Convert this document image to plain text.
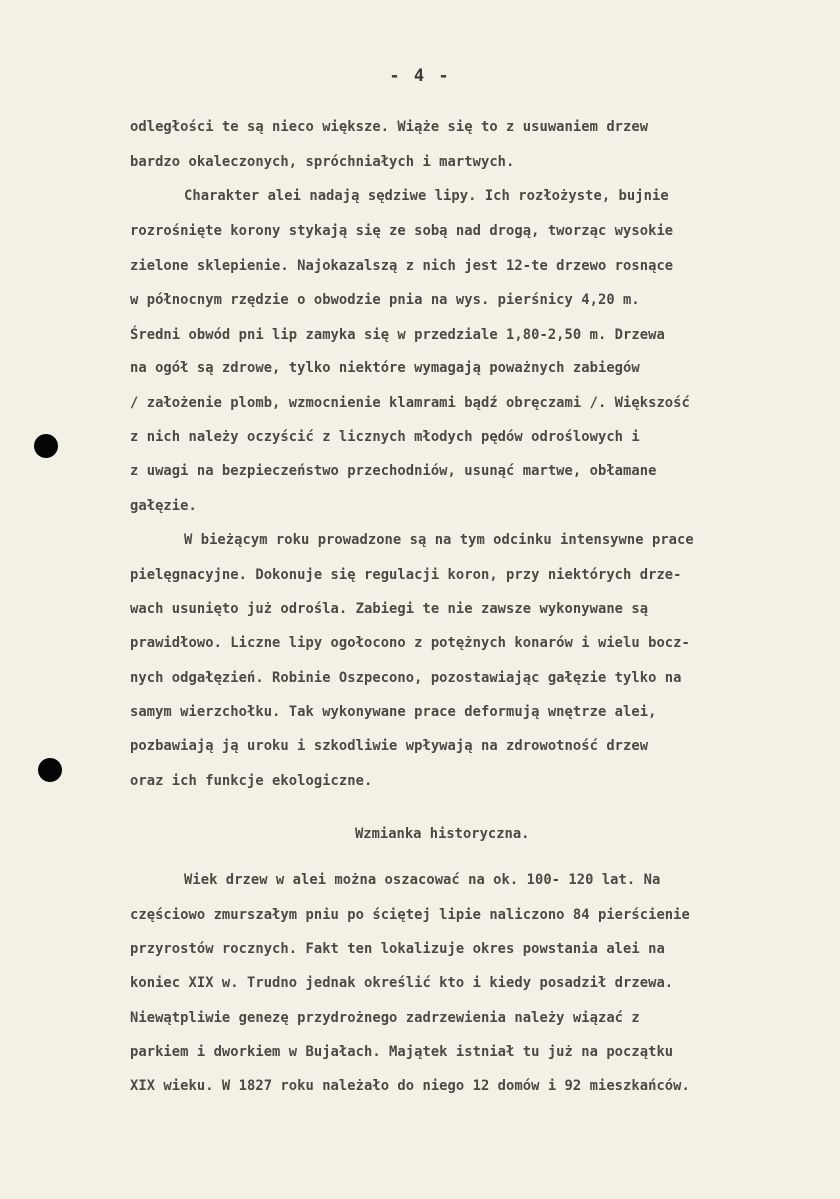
- 4 -
odległości te są nieco większe. Wiąże się to z usuwaniem drzew
bardzo okaleczonych, spróchniałych i martwych.
Charakter alei nadają sędziwe lipy. Ich rozłożyste, bujnie
rozrośnięte korony stykają się ze sobą nad drogą, tworząc wysokie
zielone sklepienie. Najokazalszą z nich jest 12-te drzewo rosnące
w północnym rzędzie o obwodzie pnia na wys. pierśnicy 4,20 m.
Średni obwód pni lip zamyka się w przedziale 1,80-2,50 m. Drzewa
na ogół są zdrowe, tylko niektóre wymagają poważnych zabiegów
/ założenie plomb, wzmocnienie klamrami bądź obręczami /. Większość
z nich należy oczyścić z licznych młodych pędów odroślowych i
z uwagi na bezpieczeństwo przechodniów, usunąć martwe, obłamane
gałęzie.
W bieżącym roku prowadzone są na tym odcinku intensywne prace
pielęgnacyjne. Dokonuje się regulacji koron, przy niektórych drze-
wach usunięto już odrośla. Zabiegi te nie zawsze wykonywane są
prawidłowo. Liczne lipy ogołocono z potężnych konarów i wielu bocz-
nych odgałęzień. Robinie Oszpecono, pozostawiając gałęzie tylko na
samym wierzchołku. Tak wykonywane prace deformują wnętrze alei,
pozbawiają ją uroku i szkodliwie wpływają na zdrowotność drzew
oraz ich funkcje ekologiczne.
Wzmianka historyczna.
Wiek drzew w alei można oszacować na ok. 100- 120 lat. Na
częściowo zmurszałym pniu po ściętej lipie naliczono 84 pierścienie
przyrostów rocznych. Fakt ten lokalizuje okres powstania alei na
koniec XIX w. Trudno jednak określić kto i kiedy posadził drzewa.
Niewątpliwie genezę przydrożnego zadrzewienia należy wiązać z
parkiem i dworkiem w Bujałach. Majątek istniał tu już na początku
XIX wieku. W 1827 roku należało do niego 12 domów i 92 mieszkańców.
